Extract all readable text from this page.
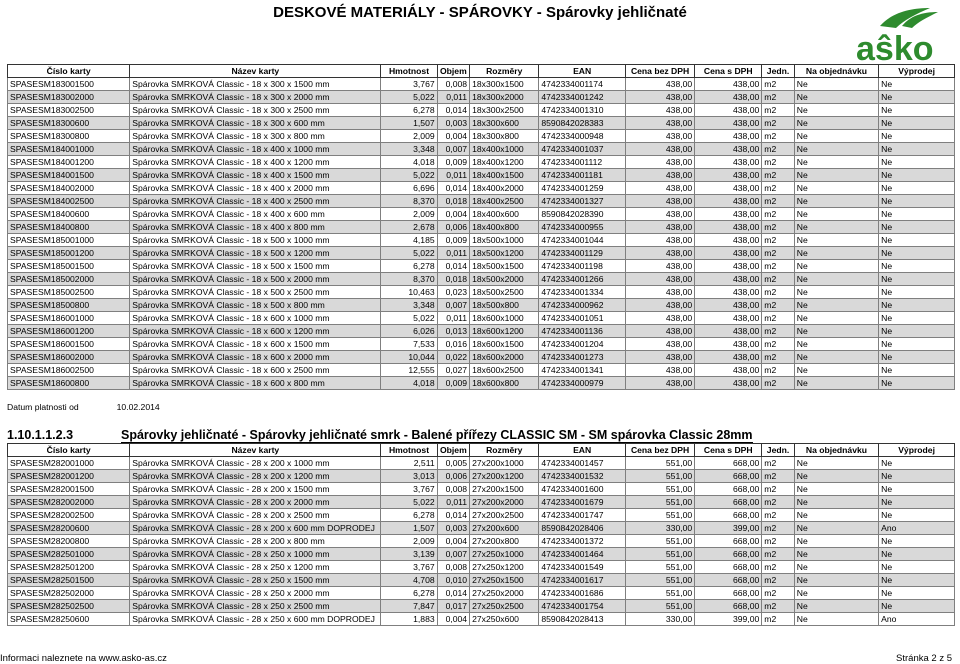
DESKOVÉ MATERIÁLY - SPÁROVKY - Spárovky jehličnaté
aŝko
Číslo karty	Název karty	Hmotnost	Objem	Rozměry	EAN	Cena bez DPH	Cena s DPH	Jedn.	Na objednávku	Výprodej
SPASESM183001500	Spárovka SMRKOVÁ Classic - 18 x 300 x 1500 mm	3,767	0,008	18x300x1500	4742334001174	438,00	438,00	m2	Ne	Ne
SPASESM183002000	Spárovka SMRKOVÁ Classic - 18 x 300 x 2000 mm	5,022	0,011	18x300x2000	4742334001242	438,00	438,00	m2	Ne	Ne
SPASESM183002500	Spárovka SMRKOVÁ Classic - 18 x 300 x 2500 mm	6,278	0,014	18x300x2500	4742334001310	438,00	438,00	m2	Ne	Ne
SPASESM18300600	Spárovka SMRKOVÁ Classic - 18 x 300 x 600 mm	1,507	0,003	18x300x600	8590842028383	438,00	438,00	m2	Ne	Ne
SPASESM18300800	Spárovka SMRKOVÁ Classic - 18 x 300 x 800 mm	2,009	0,004	18x300x800	4742334000948	438,00	438,00	m2	Ne	Ne
SPASESM184001000	Spárovka SMRKOVÁ Classic - 18 x 400 x 1000 mm	3,348	0,007	18x400x1000	4742334001037	438,00	438,00	m2	Ne	Ne
SPASESM184001200	Spárovka SMRKOVÁ Classic - 18 x 400 x 1200 mm	4,018	0,009	18x400x1200	4742334001112	438,00	438,00	m2	Ne	Ne
SPASESM184001500	Spárovka SMRKOVÁ Classic - 18 x 400 x 1500 mm	5,022	0,011	18x400x1500	4742334001181	438,00	438,00	m2	Ne	Ne
SPASESM184002000	Spárovka SMRKOVÁ Classic - 18 x 400 x 2000 mm	6,696	0,014	18x400x2000	4742334001259	438,00	438,00	m2	Ne	Ne
SPASESM184002500	Spárovka SMRKOVÁ Classic - 18 x 400 x 2500 mm	8,370	0,018	18x400x2500	4742334001327	438,00	438,00	m2	Ne	Ne
SPASESM18400600	Spárovka SMRKOVÁ Classic - 18 x 400 x 600 mm	2,009	0,004	18x400x600	8590842028390	438,00	438,00	m2	Ne	Ne
SPASESM18400800	Spárovka SMRKOVÁ Classic - 18 x 400 x 800 mm	2,678	0,006	18x400x800	4742334000955	438,00	438,00	m2	Ne	Ne
SPASESM185001000	Spárovka SMRKOVÁ Classic - 18 x 500 x 1000 mm	4,185	0,009	18x500x1000	4742334001044	438,00	438,00	m2	Ne	Ne
SPASESM185001200	Spárovka SMRKOVÁ Classic - 18 x 500 x 1200 mm	5,022	0,011	18x500x1200	4742334001129	438,00	438,00	m2	Ne	Ne
SPASESM185001500	Spárovka SMRKOVÁ Classic - 18 x 500 x 1500 mm	6,278	0,014	18x500x1500	4742334001198	438,00	438,00	m2	Ne	Ne
SPASESM185002000	Spárovka SMRKOVÁ Classic - 18 x 500 x 2000 mm	8,370	0,018	18x500x2000	4742334001266	438,00	438,00	m2	Ne	Ne
SPASESM185002500	Spárovka SMRKOVÁ Classic - 18 x 500 x 2500 mm	10,463	0,023	18x500x2500	4742334001334	438,00	438,00	m2	Ne	Ne
SPASESM18500800	Spárovka SMRKOVÁ Classic - 18 x 500 x 800 mm	3,348	0,007	18x500x800	4742334000962	438,00	438,00	m2	Ne	Ne
SPASESM186001000	Spárovka SMRKOVÁ Classic - 18 x 600 x 1000 mm	5,022	0,011	18x600x1000	4742334001051	438,00	438,00	m2	Ne	Ne
SPASESM186001200	Spárovka SMRKOVÁ Classic - 18 x 600 x 1200 mm	6,026	0,013	18x600x1200	4742334001136	438,00	438,00	m2	Ne	Ne
SPASESM186001500	Spárovka SMRKOVÁ Classic - 18 x 600 x 1500 mm	7,533	0,016	18x600x1500	4742334001204	438,00	438,00	m2	Ne	Ne
SPASESM186002000	Spárovka SMRKOVÁ Classic - 18 x 600 x 2000 mm	10,044	0,022	18x600x2000	4742334001273	438,00	438,00	m2	Ne	Ne
SPASESM186002500	Spárovka SMRKOVÁ Classic - 18 x 600 x 2500 mm	12,555	0,027	18x600x2500	4742334001341	438,00	438,00	m2	Ne	Ne
SPASESM18600800	Spárovka SMRKOVÁ Classic - 18 x 600 x 800 mm	4,018	0,009	18x600x800	4742334000979	438,00	438,00	m2	Ne	Ne
Datum platnosti od	10.02.2014
1.10.1.1.2.3	Spárovky jehličnaté - Spárovky jehličnaté smrk - Balené přířezy CLASSIC SM - SM spárovka Classic 28mm
Číslo karty	Název karty	Hmotnost	Objem	Rozměry	EAN	Cena bez DPH	Cena s DPH	Jedn.	Na objednávku	Výprodej
SPASESM282001000	Spárovka SMRKOVÁ Classic - 28 x 200 x 1000 mm	2,511	0,005	27x200x1000	4742334001457	551,00	668,00	m2	Ne	Ne
SPASESM282001200	Spárovka SMRKOVÁ Classic - 28 x 200 x 1200 mm	3,013	0,006	27x200x1200	4742334001532	551,00	668,00	m2	Ne	Ne
SPASESM282001500	Spárovka SMRKOVÁ Classic - 28 x 200 x 1500 mm	3,767	0,008	27x200x1500	4742334001600	551,00	668,00	m2	Ne	Ne
SPASESM282002000	Spárovka SMRKOVÁ Classic - 28 x 200 x 2000 mm	5,022	0,011	27x200x2000	4742334001679	551,00	668,00	m2	Ne	Ne
SPASESM282002500	Spárovka SMRKOVÁ Classic - 28 x 200 x 2500 mm	6,278	0,014	27x200x2500	4742334001747	551,00	668,00	m2	Ne	Ne
SPASESM28200600	Spárovka SMRKOVÁ Classic - 28 x 200 x 600 mm DOPRODEJ	1,507	0,003	27x200x600	8590842028406	330,00	399,00	m2	Ne	Ano
SPASESM28200800	Spárovka SMRKOVÁ Classic - 28 x 200 x 800 mm	2,009	0,004	27x200x800	4742334001372	551,00	668,00	m2	Ne	Ne
SPASESM282501000	Spárovka SMRKOVÁ Classic - 28 x 250 x 1000 mm	3,139	0,007	27x250x1000	4742334001464	551,00	668,00	m2	Ne	Ne
SPASESM282501200	Spárovka SMRKOVÁ Classic - 28 x 250 x 1200 mm	3,767	0,008	27x250x1200	4742334001549	551,00	668,00	m2	Ne	Ne
SPASESM282501500	Spárovka SMRKOVÁ Classic - 28 x 250 x 1500 mm	4,708	0,010	27x250x1500	4742334001617	551,00	668,00	m2	Ne	Ne
SPASESM282502000	Spárovka SMRKOVÁ Classic - 28 x 250 x 2000 mm	6,278	0,014	27x250x2000	4742334001686	551,00	668,00	m2	Ne	Ne
SPASESM282502500	Spárovka SMRKOVÁ Classic - 28 x 250 x 2500 mm	7,847	0,017	27x250x2500	4742334001754	551,00	668,00	m2	Ne	Ne
SPASESM28250600	Spárovka SMRKOVÁ Classic - 28 x 250 x 600 mm DOPRODEJ	1,883	0,004	27x250x600	8590842028413	330,00	399,00	m2	Ne	Ano
Informaci naleznete na www.asko-as.cz	Stránka 2 z 5
